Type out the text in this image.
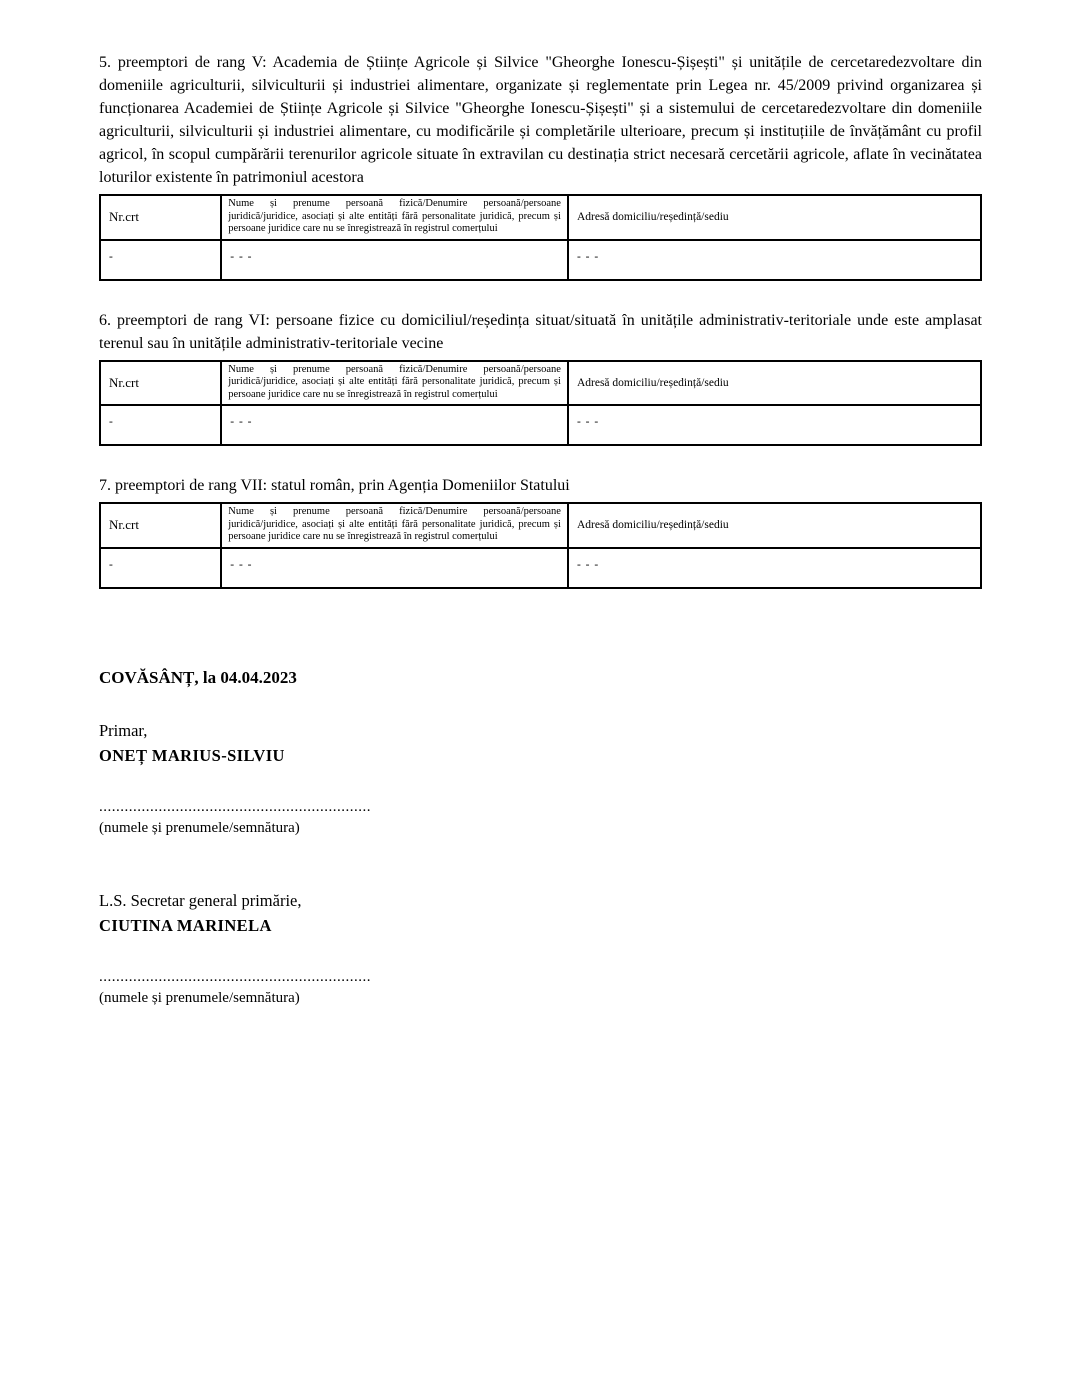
5. preemptori de rang V: Academia de Științe Agricole și Silvice "Gheorghe Ionescu-Șișești" și unitățile de cercetaredezvoltare din domeniile agriculturii, silviculturii și industriei alimentare, organizate și reglementate prin Legea nr. 45/2009 privind organizarea și funcționarea Academiei de Științe Agricole și Silvice "Gheorghe Ionescu-Șișești" și a sistemului de cercetaredezvoltare din domeniile agriculturii, silviculturii și industriei alimentare, cu modificările și completările ulterioare, precum și instituțiile de învățământ cu profil agricol, în scopul cumpărării terenurilor agricole situate în extravilan cu destinația strict necesară cercetării agricole, aflate în vecinătatea loturilor existente în patrimoniul acestora

Nr.crt	Nume și prenume persoană fizică/Denumire persoană/persoane juridică/juridice, asociați și alte entități fără personalitate juridică, precum și persoane juridice care nu se înregistrează în registrul comerțului	Adresă domiciliu/reședință/sediu
-	- - -	- - -

6. preemptori de rang VI: persoane fizice cu domiciliul/reședința situat/situată în unitățile administrativ-teritoriale unde este amplasat terenul sau în unitățile administrativ-teritoriale vecine

Nr.crt	Nume și prenume persoană fizică/Denumire persoană/persoane juridică/juridice, asociați și alte entități fără personalitate juridică, precum și persoane juridice care nu se înregistrează în registrul comerțului	Adresă domiciliu/reședință/sediu
-	- - -	- - -

7. preemptori de rang VII: statul român, prin Agenția Domeniilor Statului

Nr.crt	Nume și prenume persoană fizică/Denumire persoană/persoane juridică/juridice, asociați și alte entități fără personalitate juridică, precum și persoane juridice care nu se înregistrează în registrul comerțului	Adresă domiciliu/reședință/sediu
-	- - -	- - -
COVĂSÂNȚ, la 04.04.2023
Primar,
ONEȚ MARIUS-SILVIU
................................................................
(numele și prenumele/semnătura)
L.S. Secretar general primărie,
CIUTINA MARINELA
................................................................
(numele și prenumele/semnătura)
